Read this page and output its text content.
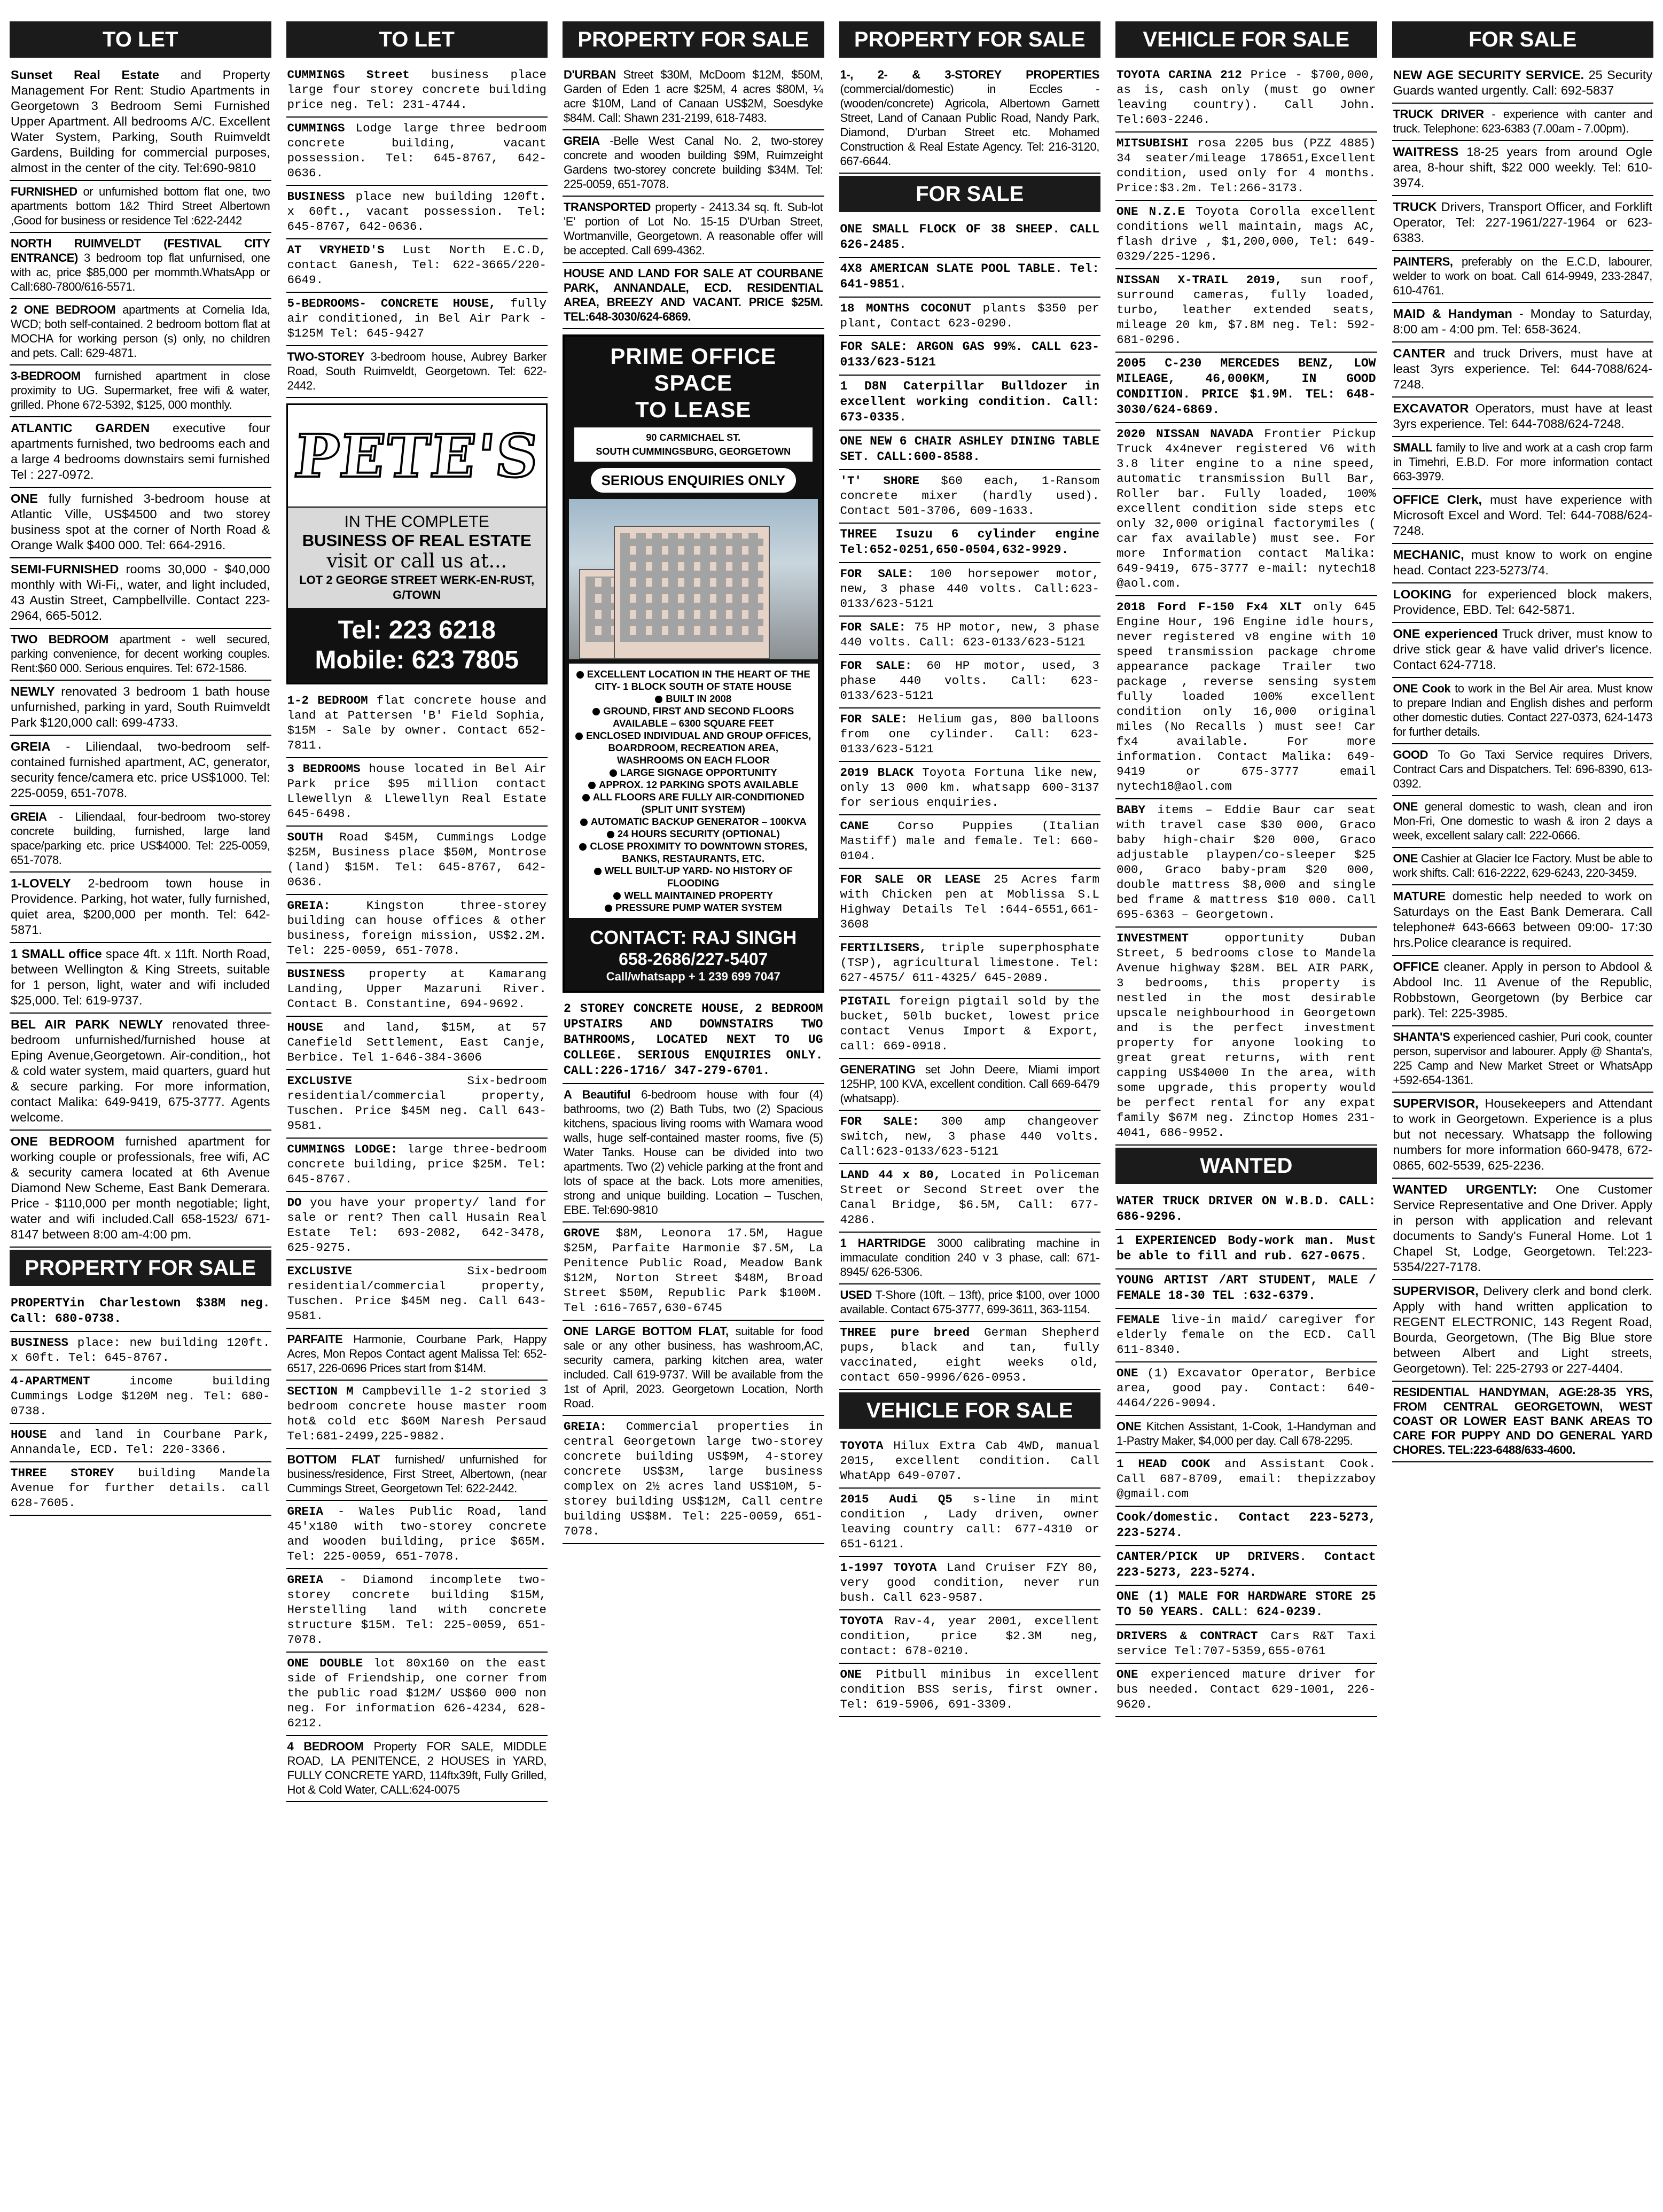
TO LET

Sunset Real Estate and Property Management For Rent: Studio Apartments in Georgetown 3 Bedroom Semi Furnished Upper Apartment. All bedrooms A/C. Excellent Water System, Parking, South Ruimveldt Gardens, Building for commercial purposes, almost in the center of the city. Tel:690-9810

FURNISHED or unfurnished bottom flat one, two apartments bottom 1&2 Third Street Albertown ,Good for business or residence Tel :622-2442

NORTH RUIMVELDT (FESTIVAL CITY ENTRANCE) 3 bedroom top flat unfurnised, one with ac, price $85,000 per mommth.WhatsApp or Call:680-7800/616-5571.

2 ONE BEDROOM apartments at Cornelia Ida, WCD; both self-contained. 2 bedroom bottom flat at MOCHA for working person (s) only, no children and pets. Call: 629-4871.

3-BEDROOM furnished apartment in close proximity to UG. Supermarket, free wifi & water, grilled. Phone 672-5392, $125, 000 monthly.

ATLANTIC GARDEN executive four apartments furnished, two bedrooms each and a large 4 bedrooms downstairs semi furnished Tel : 227-0972.

ONE fully furnished 3-bedroom house at Atlantic Ville, US$4500 and two storey business spot at the corner of North Road & Orange Walk $400 000. Tel: 664-2916.

SEMI-FURNISHED rooms 30,000 - $40,000 monthly with Wi-Fi,, water, and light included, 43 Austin Street, Campbellville. Contact 223-2964, 665-5012.

TWO BEDROOM apartment - well secured, parking convenience, for decent working couples. Rent:$60 000. Serious enquires. Tel: 672-1586.

NEWLY renovated 3 bedroom 1 bath house unfurnished, parking in yard, South Ruimveldt Park $120,000 call: 699-4733.

GREIA - Liliendaal, two-bedroom self-contained furnished apartment, AC, generator, security fence/camera etc. price US$1000. Tel: 225-0059, 651-7078.

GREIA - Liliendaal, four-bedroom two-storey concrete building, furnished, large land space/parking etc. price US$4000. Tel: 225-0059, 651-7078.

1-LOVELY 2-bedroom town house in Providence. Parking, hot water, fully furnished, quiet area, $200,000 per month. Tel: 642-5871.

1 SMALL office space 4ft. x 11ft. North Road, between Wellington & King Streets, suitable for 1 person, light, water and wifi included $25,000. Tel: 619-9737.

BEL AIR PARK NEWLY renovated three-bedroom unfurnished/furnished house at Eping Avenue,Georgetown. Air-condition,, hot & cold water system, maid quarters, guard hut & secure parking. For more information, contact Malika: 649-9419, 675-3777. Agents welcome.

ONE BEDROOM furnished apartment for working couple or professionals, free wifi, AC & security camera located at 6th Avenue Diamond New Scheme, East Bank Demerara. Price - $110,000 per month negotiable; light, water and wifi included.Call 658-1523/ 671-8147 between 8:00 am-4:00 pm.

PROPERTY FOR SALE

PROPERTYin Charlestown $38M neg. Call: 680-0738.

BUSINESS place: new building 120ft. x 60ft. Tel: 645-8767.

4-APARTMENT income building Cummings Lodge $120M neg. Tel: 680-0738.

HOUSE and land in Courbane Park, Annandale, ECD. Tel: 220-3366.

THREE STOREY building Mandela Avenue for further details. call 628-7605.

TO LET

CUMMINGS Street business place large four storey concrete building price neg. Tel: 231-4744.

CUMMINGS Lodge large three bedroom concrete building, vacant possession. Tel: 645-8767, 642-0636.

BUSINESS place new building 120ft. x 60ft., vacant possession. Tel: 645-8767, 642-0636.

AT VRYHEID'S Lust North E.C.D, contact Ganesh, Tel: 622-3665/220-6649.

5-BEDROOMS- CONCRETE HOUSE, fully air conditioned, in Bel Air Park - $125M Tel: 645-9427

TWO-STOREY 3-bedroom house, Aubrey Barker Road, South Ruimveldt, Georgetown. Tel: 622-2442.

PETE'S
IN THE COMPLETE
BUSINESS OF REAL ESTATE
visit or call us at...
LOT 2 GEORGE STREET WERK-EN-RUST, G/TOWN
Tel: 223 6218
Mobile: 623 7805

1-2 BEDROOM flat concrete house and land at Pattersen 'B' Field Sophia, $15M - Sale by owner. Contact 652-7811.

3 BEDROOMS house located in Bel Air Park price $95 million contact Llewellyn & Llewellyn Real Estate 645-6498.

SOUTH Road $45M, Cummings Lodge $25M, Business place $50M, Montrose (land) $15M. Tel: 645-8767, 642-0636.

GREIA: Kingston three-storey building can house offices & other business, foreign mission, US$2.2M. Tel: 225-0059, 651-7078.

BUSINESS property at Kamarang Landing, Upper Mazaruni River. Contact B. Constantine, 694-9692.

HOUSE and land, $15M, at 57 Canefield Settlement, East Canje, Berbice. Tel 1-646-384-3606

EXCLUSIVE Six-bedroom residential/commercial property, Tuschen. Price $45M neg. Call 643-9581.

CUMMINGS LODGE: large three-bedroom concrete building, price $25M. Tel: 645-8767.

DO you have your property/ land for sale or rent? Then call Husain Real Estate Tel: 693-2082, 642-3478, 625-9275.

EXCLUSIVE Six-bedroom residential/commercial property, Tuschen. Price $45M neg. Call 643-9581.

PARFAITE Harmonie, Courbane Park, Happy Acres, Mon Repos Contact agent Malissa Tel: 652-6517, 226-0696 Prices start from $14M.

SECTION M Campbeville 1-2 storied 3 bedroom concrete house master room hot& cold etc $60M Naresh Persaud Tel:681-2499,225-9882.

BOTTOM FLAT furnished/ unfurnished for business/residence, First Street, Albertown, (near Cummings Street, Georgetown Tel: 622-2442.

GREIA - Wales Public Road, land 45'x180 with two-storey concrete and wooden building, price $65M. Tel: 225-0059, 651-7078.

GREIA - Diamond incomplete two-storey concrete building $15M, Herstelling land with concrete structure $15M. Tel: 225-0059, 651-7078.

ONE DOUBLE lot 80x160 on the east side of Friendship, one corner from the public road $12M/ US$60 000 non neg. For information 626-4234, 628-6212.

4 BEDROOM Property FOR SALE, MIDDLE ROAD, LA PENITENCE, 2 HOUSES in YARD, FULLY CONCRETE YARD, 114ftx39ft, Fully Grilled, Hot & Cold Water, CALL:624-0075

PROPERTY FOR SALE

D'URBAN Street $30M, McDoom $12M, $50M, Garden of Eden 1 acre $25M, 4 acres $80M, ¼ acre $10M, Land of Canaan US$2M, Soesdyke $84M. Call: Shawn 231-2199, 618-7483.

GREIA -Belle West Canal No. 2, two-storey concrete and wooden building $9M, Ruimzeight Gardens two-storey concrete building $34M. Tel: 225-0059, 651-7078.

TRANSPORTED property - 2413.34 sq. ft. Sub-lot 'E' portion of Lot No. 15-15 D'Urban Street, Wortmanville, Georgetown. A reasonable offer will be accepted. Call 699-4362.

HOUSE AND LAND FOR SALE AT COURBANE PARK, ANNANDALE, ECD. RESIDENTIAL AREA, BREEZY AND VACANT. PRICE $25M. TEL:648-3030/624-6869.

PRIME OFFICE SPACE
TO LEASE
90 CARMICHAEL ST.
SOUTH CUMMINGSBURG, GEORGETOWN
SERIOUS ENQUIRIES ONLY
EXCELLENT LOCATION IN THE HEART OF THE CITY- 1 BLOCK SOUTH OF STATE HOUSE
BUILT IN 2008
GROUND, FIRST AND SECOND FLOORS AVAILABLE – 6300 SQUARE FEET
ENCLOSED INDIVIDUAL AND GROUP OFFICES, BOARDROOM, RECREATION AREA, WASHROOMS ON EACH FLOOR
LARGE SIGNAGE OPPORTUNITY
APPROX. 12 PARKING SPOTS AVAILABLE
ALL FLOORS ARE FULLY AIR-CONDITIONED (SPLIT UNIT SYSTEM)
AUTOMATIC BACKUP GENERATOR – 100KVA
24 HOURS SECURITY (OPTIONAL)
CLOSE PROXIMITY TO DOWNTOWN STORES, BANKS, RESTAURANTS, ETC.
WELL BUILT-UP YARD- NO HISTORY OF FLOODING
WELL MAINTAINED PROPERTY
PRESSURE PUMP WATER SYSTEM
CONTACT: RAJ SINGH
658-2686/227-5407
Call/whatsapp + 1 239 699 7047

2 STOREY CONCRETE HOUSE, 2 BEDROOM UPSTAIRS AND DOWNSTAIRS TWO BATHROOMS, LOCATED NEXT TO UG COLLEGE. SERIOUS ENQUIRIES ONLY. CALL:226-1716/ 347-279-6701.

A Beautiful 6-bedroom house with four (4) bathrooms, two (2) Bath Tubs, two (2) Spacious kitchens, spacious living rooms with Wamara wood walls, huge self-contained master rooms, five (5) Water Tanks. House can be divided into two apartments. Two (2) vehicle parking at the front and lots of space at the back. Lots more amenities, strong and unique building. Location – Tuschen, EBE. Tel:690-9810

GROVE $8M, Leonora 17.5M, Hague $25M, Parfaite Harmonie $7.5M, La Penitence Public Road, Meadow Bank $12M, Norton Street $48M, Broad Street $50M, Republic Park $100M. Tel :616-7657,630-6745

ONE LARGE BOTTOM FLAT, suitable for food sale or any other business, has washroom,AC, security camera, parking kitchen area, water included. Call 619-9737. Will be available from the 1st of April, 2023. Georgetown Location, North Road.

GREIA: Commercial properties in central Georgetown large two-storey concrete building US$9M, 4-storey concrete US$3M, large business complex on 2½ acres land US$10M, 5-storey building US$12M, Call centre building US$8M. Tel: 225-0059, 651-7078.

PROPERTY FOR SALE

1-, 2- & 3-STOREY PROPERTIES (commercial/domestic) in Eccles - (wooden/concrete) Agricola, Albertown Garnett Street, Land of Canaan Public Road, Nandy Park, Diamond, D'urban Street etc. Mohamed Construction & Real Estate Agency. Tel: 216-3120, 667-6644.

FOR SALE

ONE SMALL FLOCK OF 38 SHEEP. CALL 626-2485.

4X8 AMERICAN SLATE POOL TABLE. Tel: 641-9851.

18 MONTHS COCONUT plants $350 per plant, Contact 623-0290.

FOR SALE: ARGON GAS 99%. CALL 623-0133/623-5121

1 D8N Caterpillar Bulldozer in excellent working condition. Call: 673-0335.

ONE NEW 6 CHAIR ASHLEY DINING TABLE SET. CALL:600-8588.

'T' SHORE $60 each, 1-Ransom concrete mixer (hardly used). Contact 501-3706, 609-1633.

THREE Isuzu 6 cylinder engine Tel:652-0251,650-0504,632-9929.

FOR SALE: 100 horsepower motor, new, 3 phase 440 volts. Call:623-0133/623-5121

FOR SALE: 75 HP motor, new, 3 phase 440 volts. Call: 623-0133/623-5121

FOR SALE: 60 HP motor, used, 3 phase 440 volts. Call: 623-0133/623-5121

FOR SALE: Helium gas, 800 balloons from one cylinder. Call: 623-0133/623-5121

2019 BLACK Toyota Fortuna like new, only 13 000 km. whatsapp 600-3137 for serious enquiries.

CANE Corso Puppies (Italian Mastiff) male and female. Tel: 660-0104.

FOR SALE OR LEASE 25 Acres farm with Chicken pen at Moblissa S.L Highway Details Tel :644-6551,661-3608

FERTILISERS, triple superphosphate (TSP), agricultural limestone. Tel: 627-4575/ 611-4325/ 645-2089.

PIGTAIL foreign pigtail sold by the bucket, 50lb bucket, lowest price contact Venus Import & Export, call: 669-0918.

GENERATING set John Deere, Miami import 125HP, 100 KVA, excellent condition. Call 669-6479 (whatsapp).

FOR SALE: 300 amp changeover switch, new, 3 phase 440 volts. Call:623-0133/623-5121

LAND 44 x 80, Located in Policeman Street or Second Street over the Canal Bridge, $6.5M, Call: 677-4286.

1 HARTRIDGE 3000 calibrating machine in immaculate condition 240 v 3 phase, call: 671-8945/ 626-5306.

USED T-Shore (10ft. – 13ft), price $100, over 1000 available. Contact 675-3777, 699-3611, 363-1154.

THREE pure breed German Shepherd pups, black and tan, fully vaccinated, eight weeks old, contact 650-9996/626-0953.

VEHICLE FOR SALE

TOYOTA Hilux Extra Cab 4WD, manual 2015, excellent condition. Call WhatApp 649-0707.

2015 Audi Q5 s-line in mint condition , Lady driven, owner leaving country call: 677-4310 or 651-6121.

1-1997 TOYOTA Land Cruiser FZY 80, very good condition, never run bush. Call 623-9587.

TOYOTA Rav-4, year 2001, excellent condition, price $2.3M neg, contact: 678-0210.

ONE Pitbull minibus in excellent condition BSS seris, first owner. Tel: 619-5906, 691-3309.

VEHICLE FOR SALE

TOYOTA CARINA 212 Price - $700,000, as is, cash only (must go owner leaving country). Call John. Tel:603-2246.

MITSUBISHI rosa 2205 bus (PZZ 4885) 34 seater/mileage 178651,Excellent condition, used only for 4 months. Price:$3.2m. Tel:266-3173.

ONE N.Z.E Toyota Corolla excellent conditions well maintain, mags AC, flash drive , $1,200,000, Tel: 649-0329/225-1296.

NISSAN X-TRAIL 2019, sun roof, surround cameras, fully loaded, turbo, leather extended seats, mileage 20 km, $7.8M neg. Tel: 592-681-0296.

2005 C-230 MERCEDES BENZ, LOW MILEAGE, 46,000KM, IN GOOD CONDITION. PRICE $1.9M. TEL: 648-3030/624-6869.

2020 NISSAN NAVADA Frontier Pickup Truck 4x4never registered V6 with 3.8 liter engine to a nine speed, automatic transmission Bull Bar, Roller bar. Fully loaded, 100% excellent condition side steps etc only 32,000 original factorymiles ( car fax available) must see. For more Information contact Malika: 649-9419, 675-3777 e-mail: nytech18 @aol.com.

2018 Ford F-150 Fx4 XLT only 645 Engine Hour, 196 Engine idle hours, never registered v8 engine with 10 speed transmission package chrome appearance package Trailer two package , reverse sensing system fully loaded 100% excellent condition only 16,000 original miles (No Recalls ) must see! Car fx4 available. For more information. Contact Malika: 649-9419 or 675-3777 email nytech18@aol.com

BABY items – Eddie Baur car seat with travel case $30 000, Graco baby high-chair $20 000, Graco adjustable playpen/co-sleeper $25 000, Graco baby-pram $20 000, double mattress $8,000 and single bed frame & mattress $10 000. Call 695-6363 – Georgetown.

INVESTMENT opportunity Duban Street, 5 bedrooms close to Mandela Avenue highway $28M. BEL AIR PARK, 3 bedrooms, this property is nestled in the most desirable upscale neighbourhood in Georgetown and is the perfect investment property for anyone looking to great great returns, with rent capping US$4000 In the area, with some upgrade, this property would be perfect rental for any expat family $67M neg. Zinctop Homes 231-4041, 686-9952.

WANTED

WATER TRUCK DRIVER ON W.B.D. CALL: 686-9296.

1 EXPERIENCED Body-work man. Must be able to fill and rub. 627-0675.

YOUNG ARTIST /ART STUDENT, MALE / FEMALE 18-30 TEL :632-6379.

FEMALE live-in maid/ caregiver for elderly female on the ECD. Call 611-8340.

ONE (1) Excavator Operator, Berbice area, good pay. Contact: 640-4464/226-9094.

ONE Kitchen Assistant, 1-Cook, 1-Handyman and 1-Pastry Maker, $4,000 per day. Call 678-2295.

1 HEAD COOK and Assistant Cook. Call 687-8709, email: thepizzaboy @gmail.com

Cook/domestic. Contact 223-5273, 223-5274.

CANTER/PICK UP DRIVERS. Contact 223-5273, 223-5274.

ONE (1) MALE FOR HARDWARE STORE 25 TO 50 YEARS. CALL: 624-0239.

DRIVERS & CONTRACT Cars R&T Taxi service Tel:707-5359,655-0761

ONE experienced mature driver for bus needed. Contact 629-1001, 226-9620.

FOR SALE

NEW AGE SECURITY SERVICE. 25 Security Guards wanted urgently. Call: 692-5837

TRUCK DRIVER - experience with canter and truck. Telephone: 623-6383 (7.00am - 7.00pm).

WAITRESS 18-25 years from around Ogle area, 8-hour shift, $22 000 weekly. Tel: 610-3974.

TRUCK Drivers, Transport Officer, and Forklift Operator, Tel: 227-1961/227-1964 or 623-6383.

PAINTERS, preferably on the E.C.D, labourer, welder to work on boat. Call 614-9949, 233-2847, 610-4761.

MAID & Handyman - Monday to Saturday, 8:00 am - 4:00 pm. Tel: 658-3624.

CANTER and truck Drivers, must have at least 3yrs experience. Tel: 644-7088/624-7248.

EXCAVATOR Operators, must have at least 3yrs experience. Tel: 644-7088/624-7248.

SMALL family to live and work at a cash crop farm in Timehri, E.B.D. For more information contact 663-3979.

OFFICE Clerk, must have experience with Microsoft Excel and Word. Tel: 644-7088/624-7248.

MECHANIC, must know to work on engine head. Contact 223-5273/74.

LOOKING for experienced block makers, Providence, EBD. Tel: 642-5871.

ONE experienced Truck driver, must know to drive stick gear & have valid driver's licence. Contact 624-7718.

ONE Cook to work in the Bel Air area. Must know to prepare Indian and English dishes and perform other domestic duties. Contact 227-0373, 624-1473 for further details.

GOOD To Go Taxi Service requires Drivers, Contract Cars and Dispatchers. Tel: 696-8390, 613-0392.

ONE general domestic to wash, clean and iron Mon-Fri, One domestic to wash & iron 2 days a week, excellent salary call: 222-0666.

ONE Cashier at Glacier Ice Factory. Must be able to work shifts. Call: 616-2222, 629-6243, 220-3459.

MATURE domestic help needed to work on Saturdays on the East Bank Demerara. Call telephone# 643-6663 between 09:00- 17:30 hrs.Police clearance is required.

OFFICE cleaner. Apply in person to Abdool & Abdool Inc. 11 Avenue of the Republic, Robbstown, Georgetown (by Berbice car park). Tel: 225-3985.

SHANTA'S experienced cashier, Puri cook, counter person, supervisor and labourer. Apply @ Shanta's, 225 Camp and New Market Street or WhatsApp +592-654-1361.

SUPERVISOR, Housekeepers and Attendant to work in Georgetown. Experience is a plus but not necessary. Whatsapp the following numbers for more information 660-9478, 672-0865, 602-5539, 625-2236.

WANTED URGENTLY: One Customer Service Representative and One Driver. Apply in person with application and relevant documents to Sandy's Funeral Home. Lot 1 Chapel St, Lodge, Georgetown. Tel:223-5354/227-7178.

SUPERVISOR, Delivery clerk and bond clerk. Apply with hand written application to REGENT ELECTRONIC, 143 Regent Road, Bourda, Georgetown, (The Big Blue store between Albert and Light streets, Georgetown). Tel: 225-2793 or 227-4404.

RESIDENTIAL HANDYMAN, AGE:28-35 YRS, FROM CENTRAL GEORGETOWN, WEST COAST OR LOWER EAST BANK AREAS TO CARE FOR PUPPY AND DO GENERAL YARD CHORES. TEL:223-6488/633-4600.
